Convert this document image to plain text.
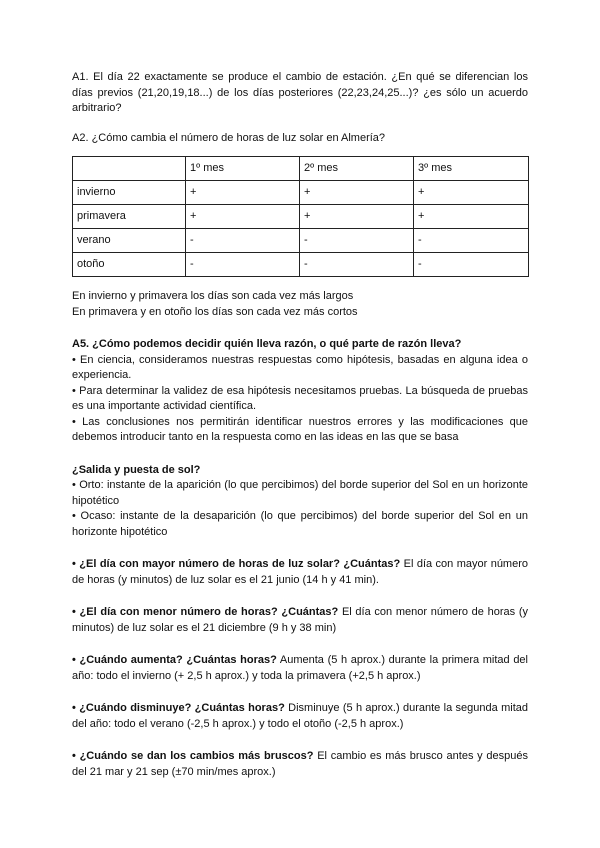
A1. El día 22 exactamente se produce el cambio de estación. ¿En qué se diferencian los días previos (21,20,19,18...) de los días posteriores (22,23,24,25...)? ¿es sólo un acuerdo arbitrario?

A2. ¿Cómo cambia el número de horas de luz solar en Almería?

	1º mes	2º mes	3º mes
invierno	+	+	+
primavera	+	+	+
verano	-	-	-
otoño	-	-	-

En invierno y primavera los días son cada vez más largos

En primavera y en otoño los días son cada vez más cortos

A5. ¿Cómo podemos decidir quién lleva razón, o qué parte de razón lleva?

• En ciencia, consideramos nuestras respuestas como hipótesis, basadas en alguna idea o experiencia.

• Para determinar la validez de esa hipótesis necesitamos pruebas. La búsqueda de pruebas es una importante actividad científica.

• Las conclusiones nos permitirán identificar nuestros errores y las modificaciones que debemos introducir tanto en la respuesta como en las ideas en las que se basa

¿Salida y puesta de sol?

• Orto: instante de la aparición (lo que percibimos) del borde superior del Sol en un horizonte hipotético

• Ocaso: instante de la desaparición (lo que percibimos) del borde superior del Sol en un horizonte hipotético

• ¿El día con mayor número de horas de luz solar? ¿Cuántas? El día con mayor número de horas (y minutos) de luz solar es el 21 junio (14 h y 41 min).

• ¿El día con menor número de horas? ¿Cuántas? El día con menor número de horas (y minutos) de luz solar es el 21 diciembre (9 h y 38 min)

• ¿Cuándo aumenta? ¿Cuántas horas? Aumenta (5 h aprox.) durante la primera mitad del año: todo el invierno (+ 2,5 h aprox.) y toda la primavera (+2,5 h aprox.)

• ¿Cuándo disminuye? ¿Cuántas horas? Disminuye (5 h aprox.) durante la segunda mitad del año: todo el verano (-2,5 h aprox.) y todo el otoño (-2,5 h aprox.)

• ¿Cuándo se dan los cambios más bruscos? El cambio es más brusco antes y después del 21 mar y 21 sep (±70 min/mes aprox.)
